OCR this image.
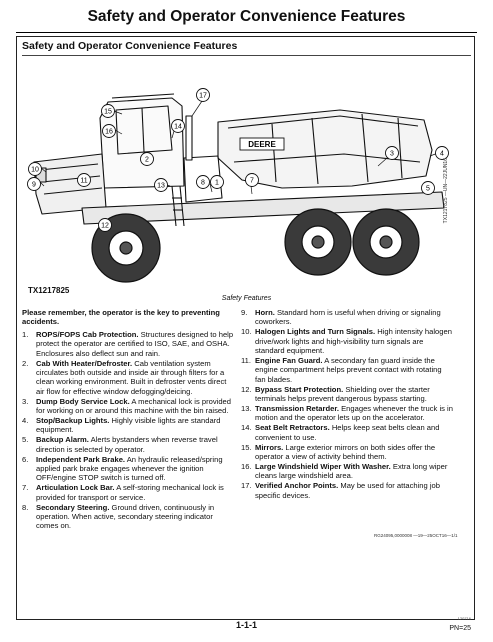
Safety and Operator Convenience Features
Safety and Operator Convenience Features
DEERE
17
15
16
14
2
10
9
11
13
12
8 1	7
3	4
5	TX1217825 —UN—22JUN16
TX1217825
Safety Features

Please remember, the operator is the key to preventing accidents.

1.	ROPS/FOPS Cab Protection. Structures designed to help protect the operator are certified to ISO, SAE, and OSHA. Enclosures also deflect sun and rain.
2.	Cab With Heater/Defroster. Cab ventilation system circulates both outside and inside air through filters for a clean working environment. Built in defroster vents direct air flow for effective window defogging/deicing.
3.	Dump Body Service Lock. A mechanical lock is provided for working on or around this machine with the bin raised.
4.	Stop/Backup Lights. Highly visible lights are standard equipment.
5.	Backup Alarm. Alerts bystanders when reverse travel direction is selected by operator.
6.	Independent Park Brake. An hydraulic released/spring applied park brake engages whenever the ignition OFF/engine STOP switch is turned off.
7.	Articulation Lock Bar. A self-storing mechanical lock is provided for transport or service.
8.	Secondary Steering. Ground driven, continuously in operation. When active, secondary steering indicator comes on.
9.	Horn. Standard horn is useful when driving or signaling coworkers.
10. Halogen Lights and Turn Signals. High intensity halogen drive/work lights and high-visibility turn signals are standard equipment.
11. Engine Fan Guard. A secondary fan guard inside the engine compartment helps prevent contact with rotating fan blades.
12. Bypass Start Protection. Shielding over the starter terminals helps prevent dangerous bypass starting.
13. Transmission Retarder. Engages whenever the truck is in motion and the operator lets up on the accelerator.
14. Seat Belt Retractors. Helps keep seat belts clean and convenient to use.
15. Mirrors. Large exterior mirrors on both sides offer the operator a view of activity behind them.
16. Large Windshield Wiper With Washer. Extra long wiper cleans large windshield area.
17. Verified Anchor Points. May be used for attaching job specific devices.
RG24095,0000008 —19—25OCT16—1/1
1-1-1
120716
PN=25
